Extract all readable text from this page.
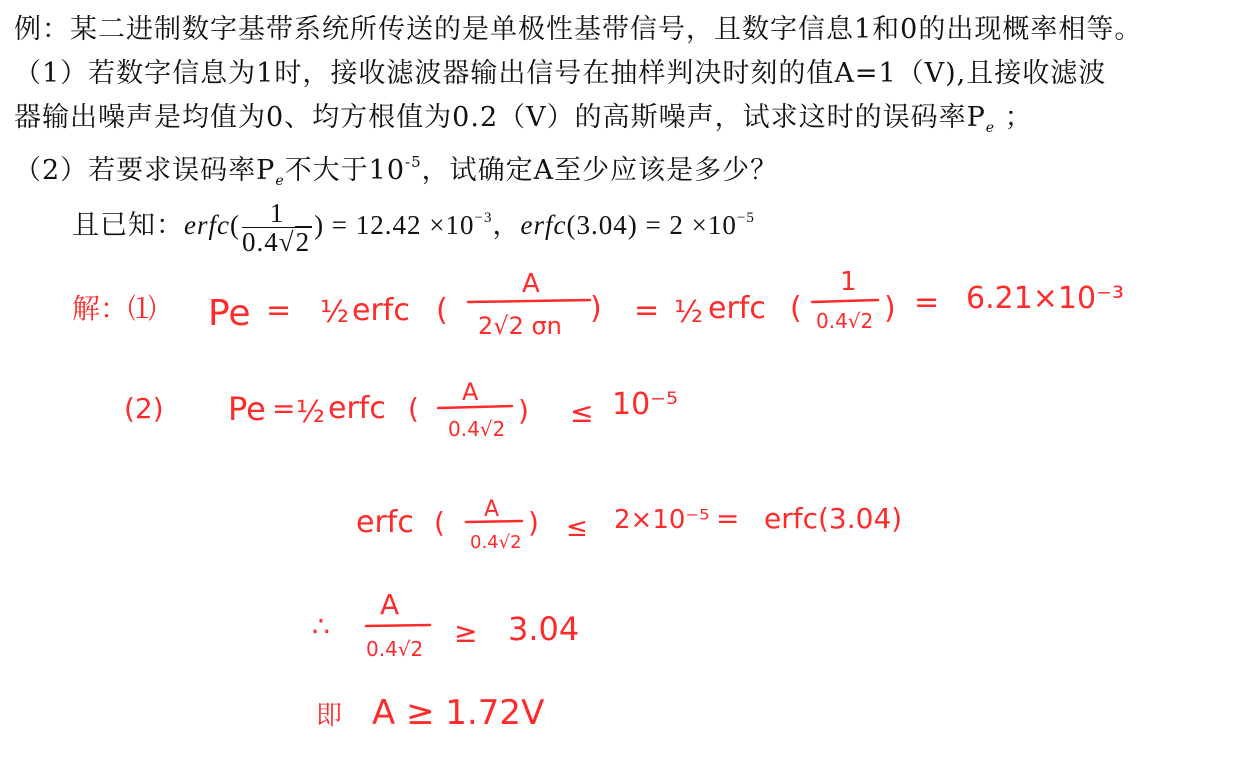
例：某二进制数字基带系统所传送的是单极性基带信号，且数字信息1和0的出现概率相等。
（1）若数字信息为1时，接收滤波器输出信号在抽样判决时刻的值A=1（V),且接收滤波
器输出噪声是均值为0、均方根值为0.2（V）的高斯噪声，试求这时的误码率$P_e$ ；
（2）若要求误码率$P_e$不大于$10^{-5}$，试确定A至少应该是多少？
且已知：erfc( $\frac{1}{0.4√2}$ ) = $12.42 \times 10^{-3}$，erfc(3.04) = $2 \times 10^{-5}$
解：⑴ Pe = ½ erfc (
A
2√2 σn ) = ½ erfc (
1
0.4√2 ) = 6.21×10⁻³
(2) Pe = ½ erfc ( A
0.4√2
) ≤ 10⁻⁵
erfc ( A
0.4√2
) ≤ 2×10⁻⁵ = erfc(3.04)
∴
A
0.4√2 ≥ 3.04
即 A ≥ 1.72V
